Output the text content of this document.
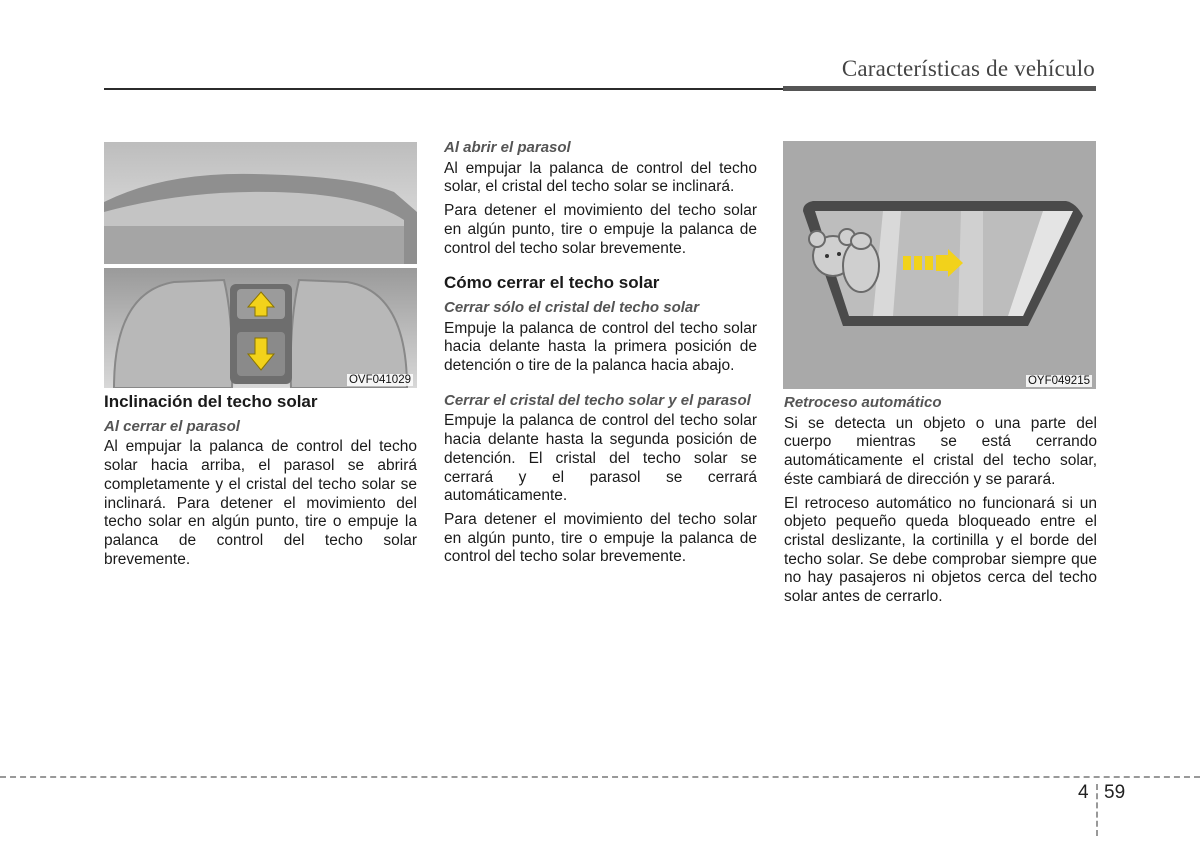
Características de vehículo
OVF041029	OYF049215
Inclinación del techo solar
Al cerrar el parasol

Al empujar la palanca de control del techo solar hacia arriba, el parasol se abrirá completamente y el cristal del techo solar se inclinará. Para detener el movimiento del techo solar en algún punto, tire o empuje la palanca de control del techo solar brevemente.

Al abrir el parasol

Al empujar la palanca de control del techo solar, el cristal del techo solar se inclinará.

Para detener el movimiento del techo solar en algún punto, tire o empuje la palanca de control del techo solar brevemente.

Cómo cerrar el techo solar
Cerrar sólo el cristal del techo solar

Empuje la palanca de control del techo solar hacia delante hasta la primera posición de detención o tire de la palanca hacia abajo.

Cerrar el cristal del techo solar y el parasol

Empuje la palanca de control del techo solar hacia delante hasta la segunda posición de detención. El cristal del techo solar se cerrará y el parasol se cerrará automáticamente.

Para detener el movimiento del techo solar en algún punto, tire o empuje la palanca de control del techo solar brevemente.

Retroceso automático

Si se detecta un objeto o una parte del cuerpo mientras se está cerrando automáticamente el cristal del techo solar, éste cambiará de dirección y se parará.

El retroceso automático no funcionará si un objeto pequeño queda bloqueado entre el cristal deslizante, la cortinilla y el borde del techo solar. Se debe comprobar siempre que no hay pasajeros ni objetos cerca del techo solar antes de cerrarlo.

4 59
